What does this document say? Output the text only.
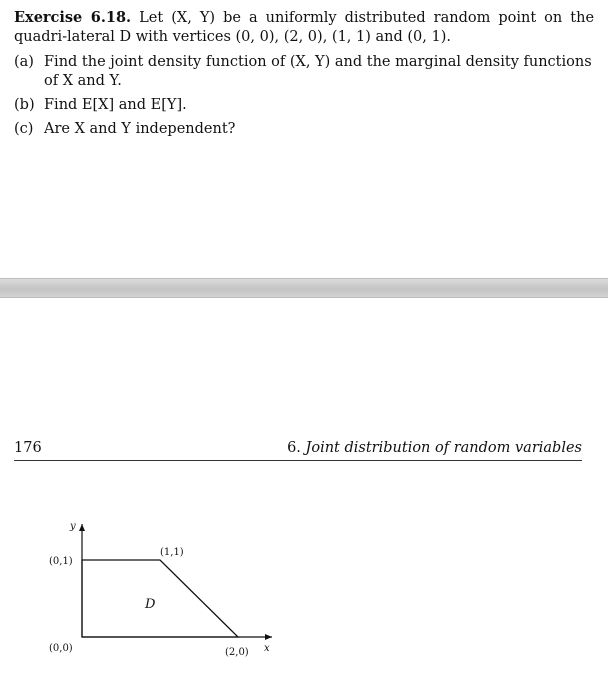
Exercise 6.18. Let (X, Y) be a uniformly distributed random point on the quadri-lateral D with vertices (0, 0), (2, 0), (1, 1) and (0, 1).

(a) Find the joint density function of (X, Y) and the marginal density functions of X and Y.
(b) Find E[X] and E[Y].
(c) Are X and Y independent?
176	6. Joint distribution of random variables
y
x
D
(0,0)	(2,0)
(1,1)
(0,1)
